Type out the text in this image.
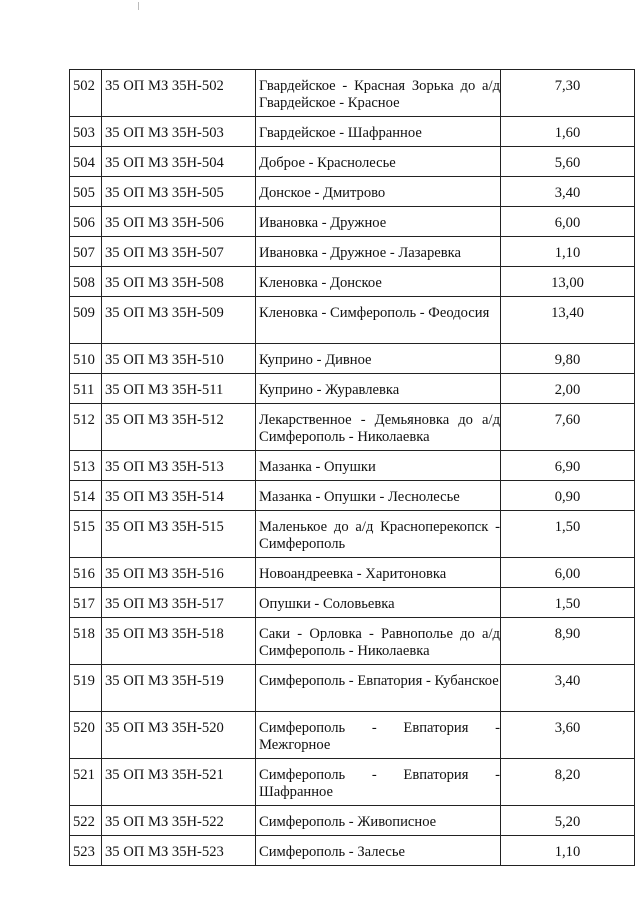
502	35 ОП МЗ 35Н-502	Гвардейское - Красная Зорька до а/д Гвардейское - Красное	7,30
503	35 ОП МЗ 35Н-503	Гвардейское - Шафранное	1,60
504	35 ОП МЗ 35Н-504	Доброе - Краснолесье	5,60
505	35 ОП МЗ 35Н-505	Донское - Дмитрово	3,40
506	35 ОП МЗ 35Н-506	Ивановка - Дружное	6,00
507	35 ОП МЗ 35Н-507	Ивановка - Дружное - Лазаревка	1,10
508	35 ОП МЗ 35Н-508	Кленовка - Донское	13,00
509	35 ОП МЗ 35Н-509	Кленовка - Симферополь - Феодосия	13,40
510	35 ОП МЗ 35Н-510	Куприно - Дивное	9,80
511	35 ОП МЗ 35Н-511	Куприно - Журавлевка	2,00
512	35 ОП МЗ 35Н-512	Лекарственное - Демьяновка до а/д Симферополь - Николаевка	7,60
513	35 ОП МЗ 35Н-513	Мазанка - Опушки	6,90
514	35 ОП МЗ 35Н-514	Мазанка - Опушки - Леснолесье	0,90
515	35 ОП МЗ 35Н-515	Маленькое до а/д Красноперекопск - Симферополь	1,50
516	35 ОП МЗ 35Н-516	Новоандреевка - Харитоновка	6,00
517	35 ОП МЗ 35Н-517	Опушки - Соловьевка	1,50
518	35 ОП МЗ 35Н-518	Саки - Орловка - Равнополье до а/д Симферополь - Николаевка	8,90
519	35 ОП МЗ 35Н-519	Симферополь - Евпатория - Кубанское	3,40
520	35 ОП МЗ 35Н-520	Симферополь - Евпатория - Межгорное	3,60
521	35 ОП МЗ 35Н-521	Симферополь - Евпатория - Шафранное	8,20
522	35 ОП МЗ 35Н-522	Симферополь - Живописное	5,20
523	35 ОП МЗ 35Н-523	Симферополь - Залесье	1,10
